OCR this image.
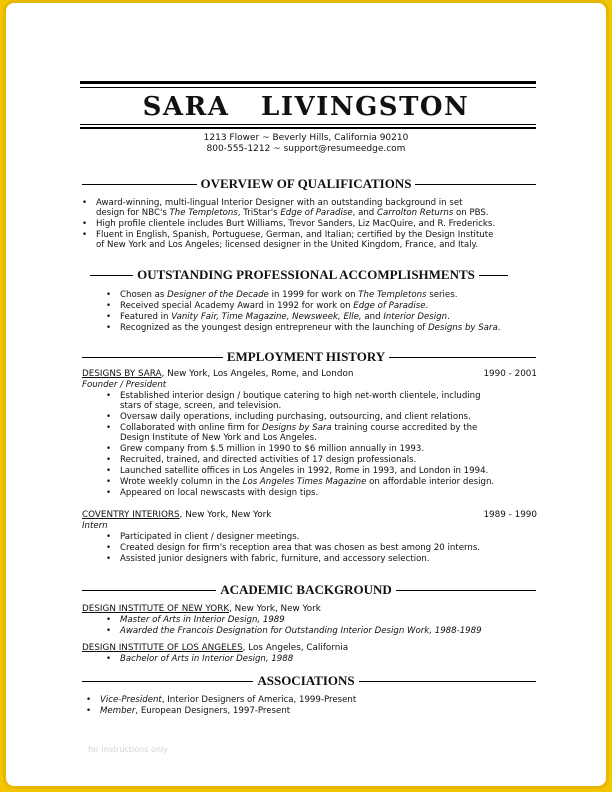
SARA   LIVINGSTON
1213 Flower ~ Beverly Hills, California 90210
800-555-1212 ~ support@resumeedge.com
OVERVIEW OF QUALIFICATIONS
• Award-winning, multi-lingual Interior Designer with an outstanding background in set
design for NBC's The Templetons, TriStar's Edge of Paradise, and Carrolton Returns on PBS.
• High profile clientele includes Burt Williams, Trevor Sanders, Liz MacQuire, and R. Fredericks.
• Fluent in English, Spanish, Portuguese, German, and Italian; certified by the Design Institute
of New York and Los Angeles; licensed designer in the United Kingdom, France, and Italy.
OUTSTANDING PROFESSIONAL ACCOMPLISHMENTS
• Chosen as Designer of the Decade in 1999 for work on The Templetons series.
• Received special Academy Award in 1992 for work on Edge of Paradise.
• Featured in Vanity Fair, Time Magazine, Newsweek, Elle, and Interior Design.
• Recognized as the youngest design entrepreneur with the launching of Designs by Sara.
EMPLOYMENT HISTORY
DESIGNS BY SARA, New York, Los Angeles, Rome, and London	1990 - 2001
Founder / President
• Established interior design / boutique catering to high net-worth clientele, including
stars of stage, screen, and television.
• Oversaw daily operations, including purchasing, outsourcing, and client relations.
• Collaborated with online firm for Designs by Sara training course accredited by the
Design Institute of New York and Los Angeles.
• Grew company from $.5 million in 1990 to $6 million annually in 1993.
• Recruited, trained, and directed activities of 17 design professionals.
• Launched satellite offices in Los Angeles in 1992, Rome in 1993, and London in 1994.
• Wrote weekly column in the Los Angeles Times Magazine on affordable interior design.
• Appeared on local newscasts with design tips.
COVENTRY INTERIORS, New York, New York	1989 - 1990
Intern
• Participated in client / designer meetings.
• Created design for firm's reception area that was chosen as best among 20 interns.
• Assisted junior designers with fabric, furniture, and accessory selection.
ACADEMIC BACKGROUND
DESIGN INSTITUTE OF NEW YORK, New York, New York
• Master of Arts in Interior Design, 1989
• Awarded the Francois Designation for Outstanding Interior Design Work, 1988-1989
DESIGN INSTITUTE OF LOS ANGELES, Los Angeles, California
• Bachelor of Arts in Interior Design, 1988
ASSOCIATIONS
• Vice-President, Interior Designers of America, 1999-Present
• Member, European Designers, 1997-Present
for instructions only
